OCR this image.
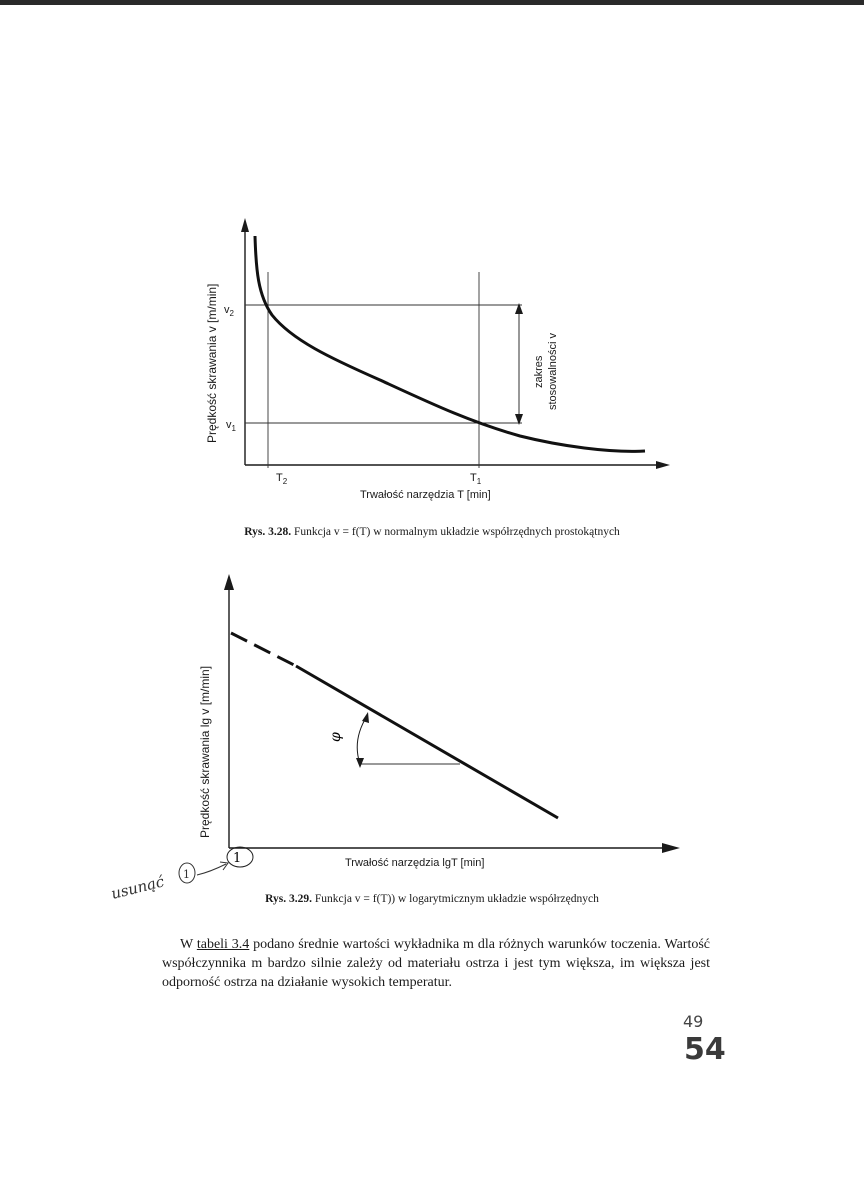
Prędkość skrawania v [m/min] $v_2$
$v_1$
$T_2$	$T_1$
Trwałość narzędzia T [min]
zakres stosowalności v
Rys. 3.28. Funkcja v = f(T) w normalnym układzie współrzędnych prostokątnych
φ
Prędkość skrawania lg v [m/min]
Trwałość narzędzia lgT [min]
1
usunąć 1
Rys. 3.29. Funkcja v = f(T)) w logarytmicznym układzie współrzędnych

W tabeli 3.4 podano średnie wartości wykładnika m dla różnych warunków toczenia. Wartość współczynnika m bardzo silnie zależy od materiału ostrza i jest tym większa, im większa jest odporność ostrza na działanie wysokich temperatur.

49
54
